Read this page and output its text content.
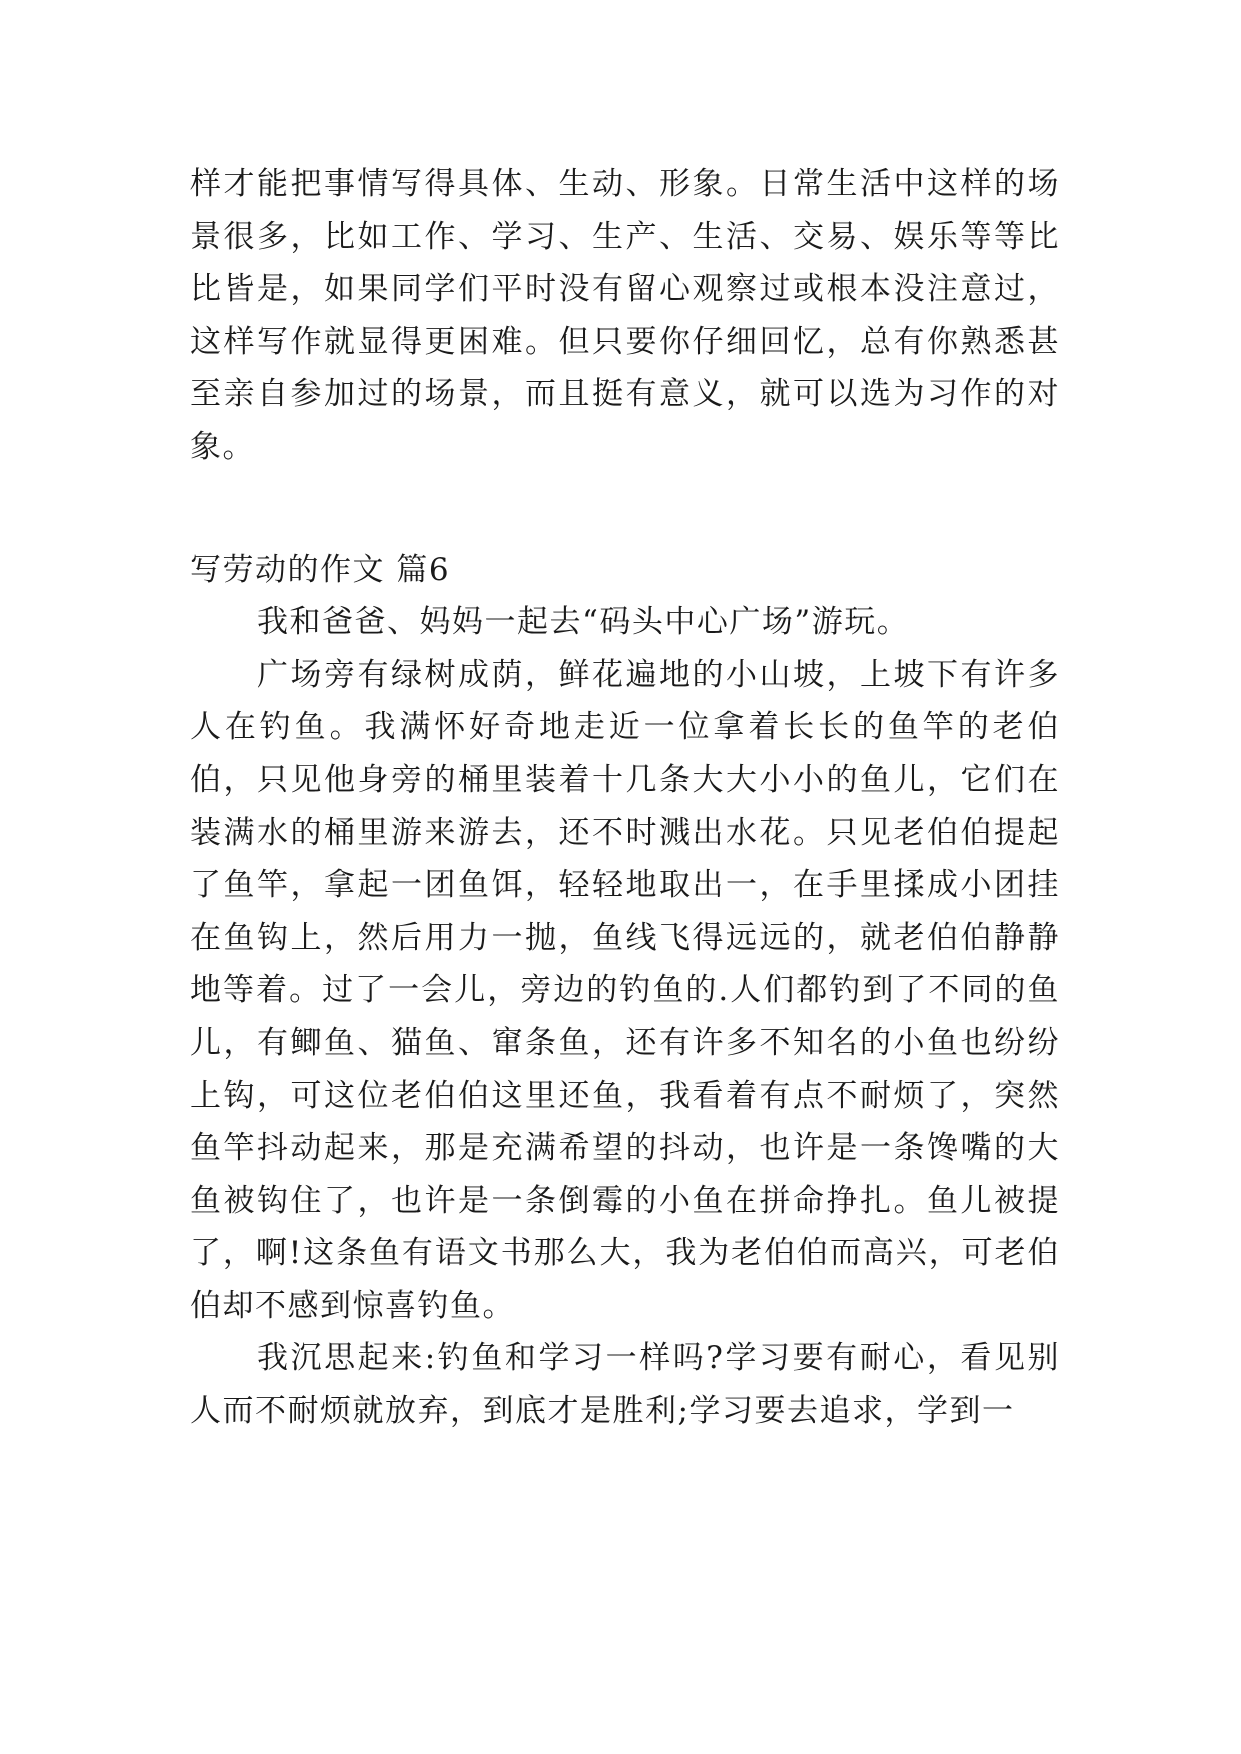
样才能把事情写得具体、生动、形象。日常生活中这样的场景很多，比如工作、学习、生产、生活、交易、娱乐等等比比皆是，如果同学们平时没有留心观察过或根本没注意过，这样写作就显得更困难。但只要你仔细回忆，总有你熟悉甚至亲自参加过的场景，而且挺有意义，就可以选为习作的对象。

写劳动的作文 篇6

我和爸爸、妈妈一起去“码头中心广场”游玩。

广场旁有绿树成荫，鲜花遍地的小山坡，上坡下有许多人在钓鱼。我满怀好奇地走近一位拿着长长的鱼竿的老伯伯，只见他身旁的桶里装着十几条大大小小的鱼儿，它们在装满水的桶里游来游去，还不时溅出水花。只见老伯伯提起了鱼竿，拿起一团鱼饵，轻轻地取出一，在手里揉成小团挂在鱼钩上，然后用力一抛，鱼线飞得远远的，就老伯伯静静地等着。过了一会儿，旁边的钓鱼的.人们都钓到了不同的鱼儿，有鲫鱼、猫鱼、窜条鱼，还有许多不知名的小鱼也纷纷上钩，可这位老伯伯这里还鱼，我看着有点不耐烦了，突然鱼竿抖动起来，那是充满希望的抖动，也许是一条馋嘴的大鱼被钩住了，也许是一条倒霉的小鱼在拼命挣扎。鱼儿被提了，啊!这条鱼有语文书那么大，我为老伯伯而高兴，可老伯伯却不感到惊喜钓鱼。

我沉思起来:钓鱼和学习一样吗?学习要有耐心，看见别人而不耐烦就放弃，到底才是胜利;学习要去追求，学到一
